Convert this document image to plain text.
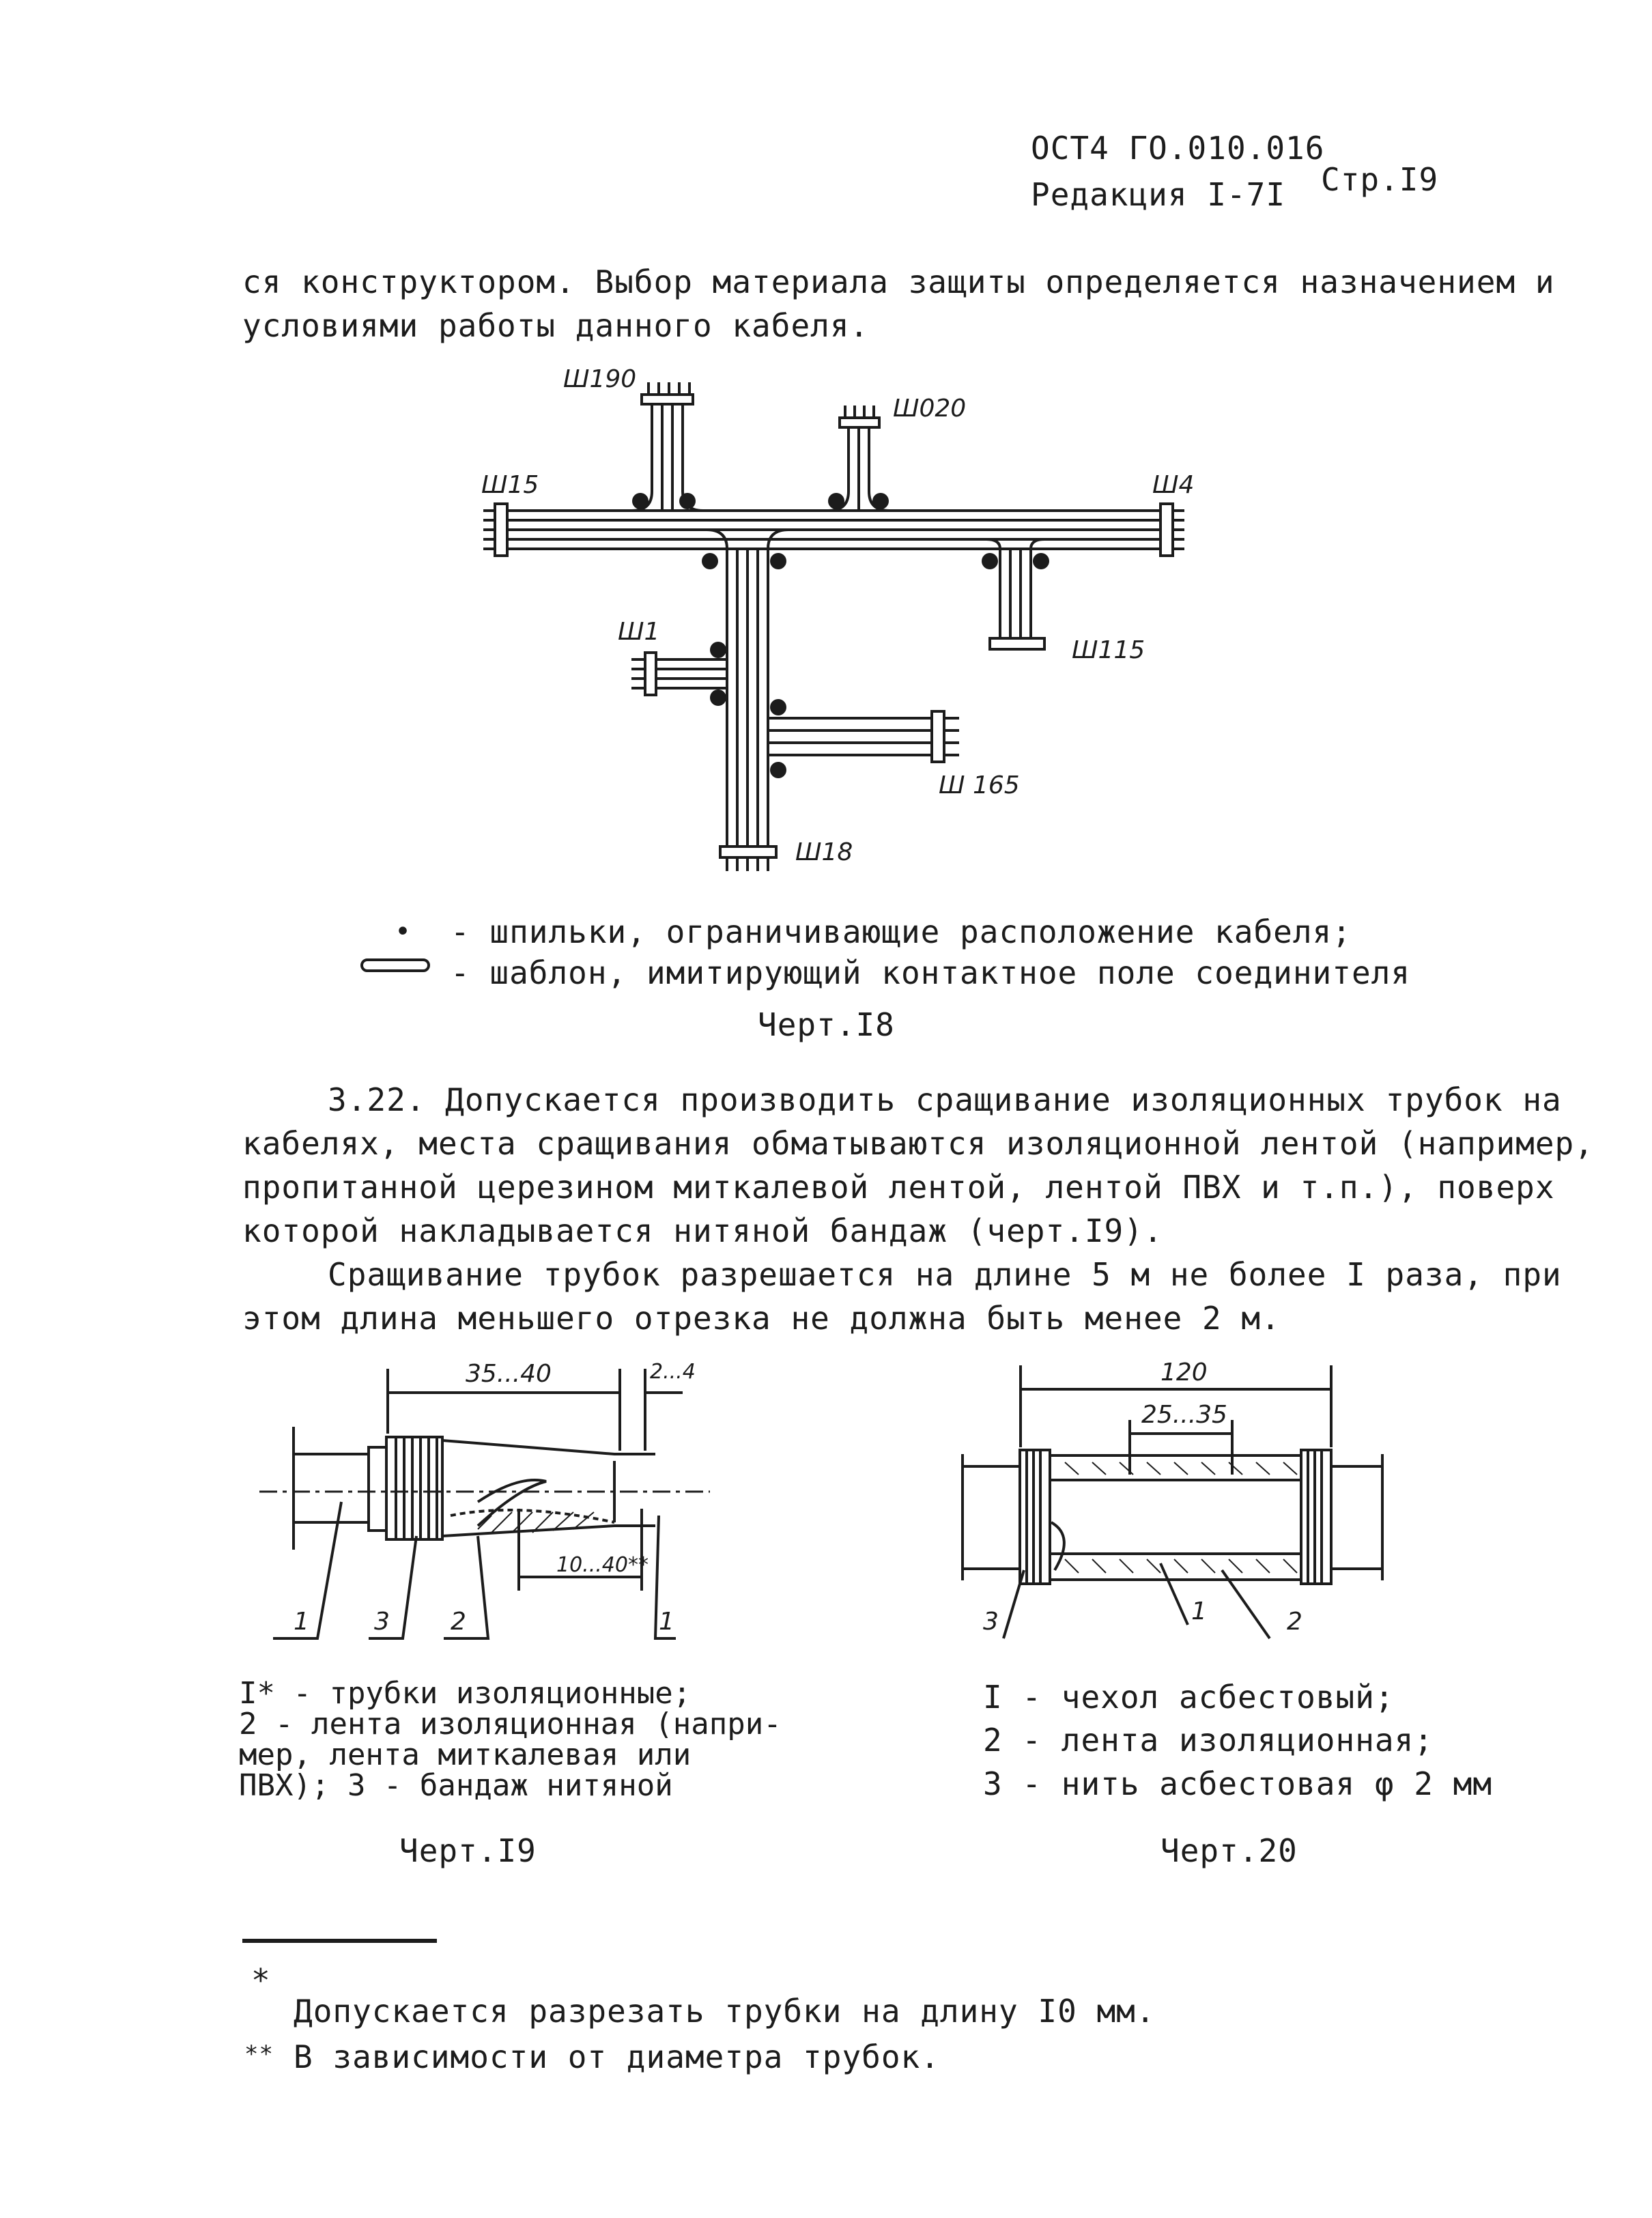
ОСТ4 ГО.010.016
Редакция I-7I Стр.I9
ся конструктором. Выбор материала защиты определяется назначением и
условиями работы данного кабеля.
Ш190
Ш020
Ш15	Ш4
Ш1
Ш115
Ш 165
Ш18
• - шпильки, ограничивающие расположение кабеля;
- шаблон, имитирующий контактное поле соединителя
Черт.I8
3.22. Допускается производить сращивание изоляционных трубок на
кабелях, места сращивания обматываются изоляционной лентой (например,
пропитанной церезином миткалевой лентой, лентой ПВХ и т.п.), поверх
которой накладывается нитяной бандаж (черт.I9).
Сращивание трубок разрешается на длине 5 м не более I раза, при
этом длина меньшего отрезка не должна быть менее 2 м.
35...40	2...4
10...40**
1	3 2	1
I* - трубки изоляционные;
2 - лента изоляционная (напри-
мер, лента миткалевая или
ПВХ); 3 - бандаж нитяной
Черт.I9
120
25...35
3	1	2
I - чехол асбестовый;
2 - лента изоляционная;
3 - нить асбестовая φ 2 мм
Черт.20
*
Допускается разрезать трубки на длину I0 мм.
** В зависимости от диаметра трубок.
